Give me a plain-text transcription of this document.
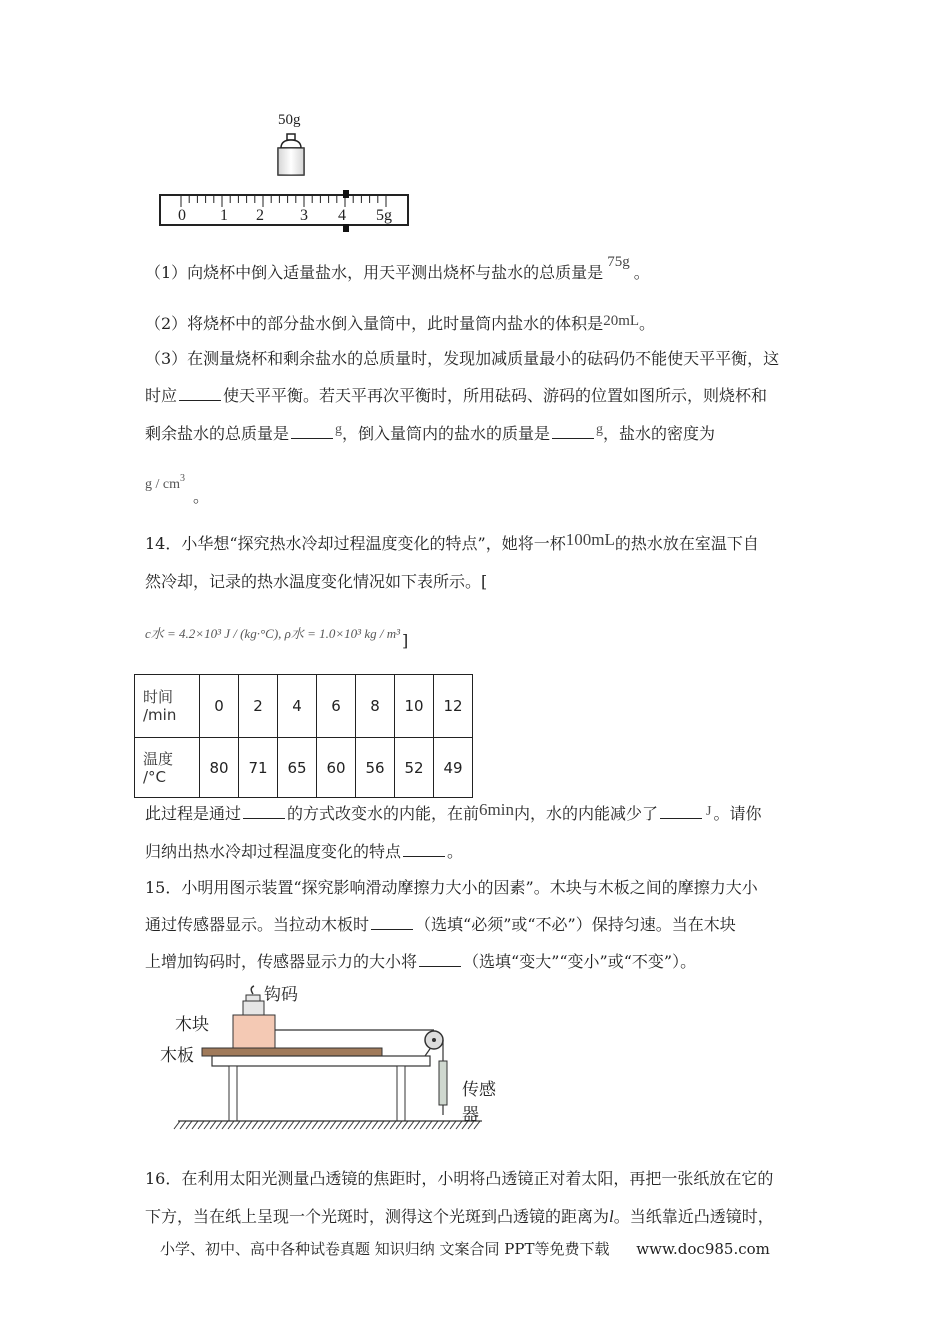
50g
0 1 2 3 4 5g
（1）向烧杯中倒入适量盐水，用天平测出烧杯与盐水的总质量是75g。
（2）将烧杯中的部分盐水倒入量筒中，此时量筒内盐水的体积是20mL。
（3）在测量烧杯和剩余盐水的总质量时，发现加减质量最小的砝码仍不能使天平平衡，这
时应	使天平平衡。若天平再次平衡时，所用砝码、游码的位置如图所示，则烧杯和
剩余盐水的总质量是	g，倒入量筒内的盐水的质量是	g，盐水的密度为
g / $cm^3$
。
14．小华想“探究热水冷却过程温度变化的特点”，她将一杯100mL的热水放在室温下自
然冷却，记录的热水温度变化情况如下表所示。[
c水 = 4.2×10³ J / (kg·°C), ρ水 = 1.0×10³ kg / m³ ]
时间
/min	0	2	4	6	8	10	12
温度
/°C	80	71	65	60	56	52	49
此过程是通过	的方式改变水的内能，在前6min内，水的内能减少了	J 。请你
归纳出热水冷却过程温度变化的特点	。
15．小明用图示装置“探究影响滑动摩擦力大小的因素”。木块与木板之间的摩擦力大小
通过传感器显示。当拉动木板时	（选填“必须”或“不必”）保持匀速。当在木块
上增加钩码时，传感器显示力的大小将	（选填“变大”“变小”或“不变”）。
钩码
木块
木板
传感器
16．在利用太阳光测量凸透镜的焦距时，小明将凸透镜正对着太阳，再把一张纸放在它的
下方，当在纸上呈现一个光斑时，测得这个光斑到凸透镜的距离为l。当纸靠近凸透镜时，
小学、初中、高中各种试卷真题 知识归纳 文案合同 PPT等免费下载 www.doc985.com
